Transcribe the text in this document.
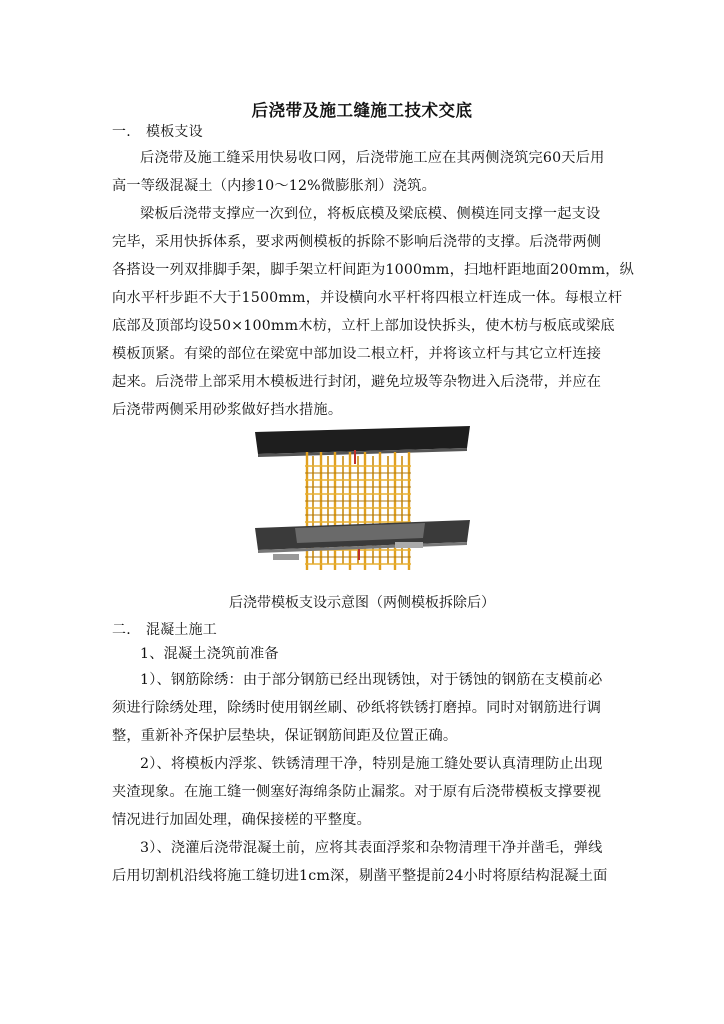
后浇带及施工缝施工技术交底
一. 模板支设
后浇带及施工缝采用快易收口网，后浇带施工应在其两侧浇筑完60天后用
高一等级混凝土（内掺10～12%微膨胀剂）浇筑。
梁板后浇带支撑应一次到位，将板底模及梁底模、侧模连同支撑一起支设
完毕，采用快拆体系，要求两侧模板的拆除不影响后浇带的支撑。后浇带两侧
各搭设一列双排脚手架，脚手架立杆间距为1000mm，扫地杆距地面200mm，纵
向水平杆步距不大于1500mm，并设横向水平杆将四根立杆连成一体。每根立杆
底部及顶部均设50×100mm木枋，立杆上部加设快拆头，使木枋与板底或梁底
模板顶紧。有梁的部位在梁宽中部加设二根立杆，并将该立杆与其它立杆连接
起来。后浇带上部采用木模板进行封闭，避免垃圾等杂物进入后浇带，并应在
后浇带两侧采用砂浆做好挡水措施。
后浇带模板支设示意图（两侧模板拆除后）
二. 混凝土施工
1、混凝土浇筑前准备
1）、钢筋除绣：由于部分钢筋已经出现锈蚀，对于锈蚀的钢筋在支模前必
须进行除绣处理，除绣时使用钢丝刷、砂纸将铁锈打磨掉。同时对钢筋进行调
整，重新补齐保护层垫块，保证钢筋间距及位置正确。
2）、将模板内浮浆、铁锈清理干净，特别是施工缝处要认真清理防止出现
夹渣现象。在施工缝一侧塞好海绵条防止漏浆。对于原有后浇带模板支撑要视
情况进行加固处理，确保接槎的平整度。
3）、浇灌后浇带混凝土前，应将其表面浮浆和杂物清理干净并凿毛，弹线
后用切割机沿线将施工缝切进1cm深，剔凿平整提前24小时将原结构混凝土面
